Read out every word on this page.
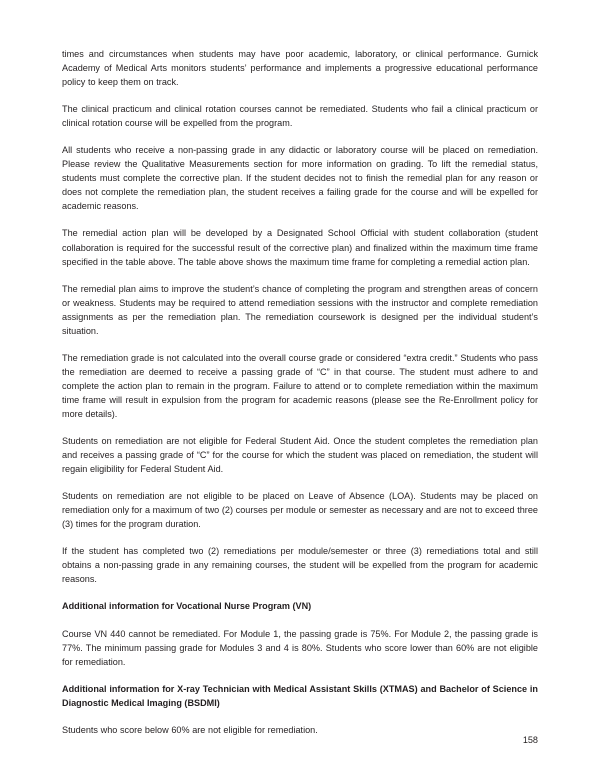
times and circumstances when students may have poor academic, laboratory, or clinical performance. Gurnick Academy of Medical Arts monitors students’ performance and implements a progressive educational performance policy to keep them on track.

The clinical practicum and clinical rotation courses cannot be remediated. Students who fail a clinical practicum or clinical rotation course will be expelled from the program.

All students who receive a non-passing grade in any didactic or laboratory course will be placed on remediation. Please review the Qualitative Measurements section for more information on grading. To lift the remedial status, students must complete the corrective plan. If the student decides not to finish the remedial plan for any reason or does not complete the remediation plan, the student receives a failing grade for the course and will be expelled for academic reasons.

The remedial action plan will be developed by a Designated School Official with student collaboration (student collaboration is required for the successful result of the corrective plan) and finalized within the maximum time frame specified in the table above. The table above shows the maximum time frame for completing a remedial action plan.

The remedial plan aims to improve the student’s chance of completing the program and strengthen areas of concern or weakness. Students may be required to attend remediation sessions with the instructor and complete remediation assignments as per the remediation plan. The remediation coursework is designed per the individual student’s situation.

The remediation grade is not calculated into the overall course grade or considered “extra credit.” Students who pass the remediation are deemed to receive a passing grade of “C” in that course. The student must adhere to and complete the action plan to remain in the program. Failure to attend or to complete remediation within the maximum time frame will result in expulsion from the program for academic reasons (please see the Re-Enrollment policy for more details).

Students on remediation are not eligible for Federal Student Aid. Once the student completes the remediation plan and receives a passing grade of “C” for the course for which the student was placed on remediation, the student will regain eligibility for Federal Student Aid.

Students on remediation are not eligible to be placed on Leave of Absence (LOA). Students may be placed on remediation only for a maximum of two (2) courses per module or semester as necessary and are not to exceed three (3) times for the program duration.

If the student has completed two (2) remediations per module/semester or three (3) remediations total and still obtains a non-passing grade in any remaining courses, the student will be expelled from the program for academic reasons.

Additional information for Vocational Nurse Program (VN)

Course VN 440 cannot be remediated. For Module 1, the passing grade is 75%. For Module 2, the passing grade is 77%. The minimum passing grade for Modules 3 and 4 is 80%. Students who score lower than 60% are not eligible for remediation.

Additional information for X-ray Technician with Medical Assistant Skills (XTMAS) and Bachelor of Science in Diagnostic Medical Imaging (BSDMI)

Students who score below 60% are not eligible for remediation.

158
